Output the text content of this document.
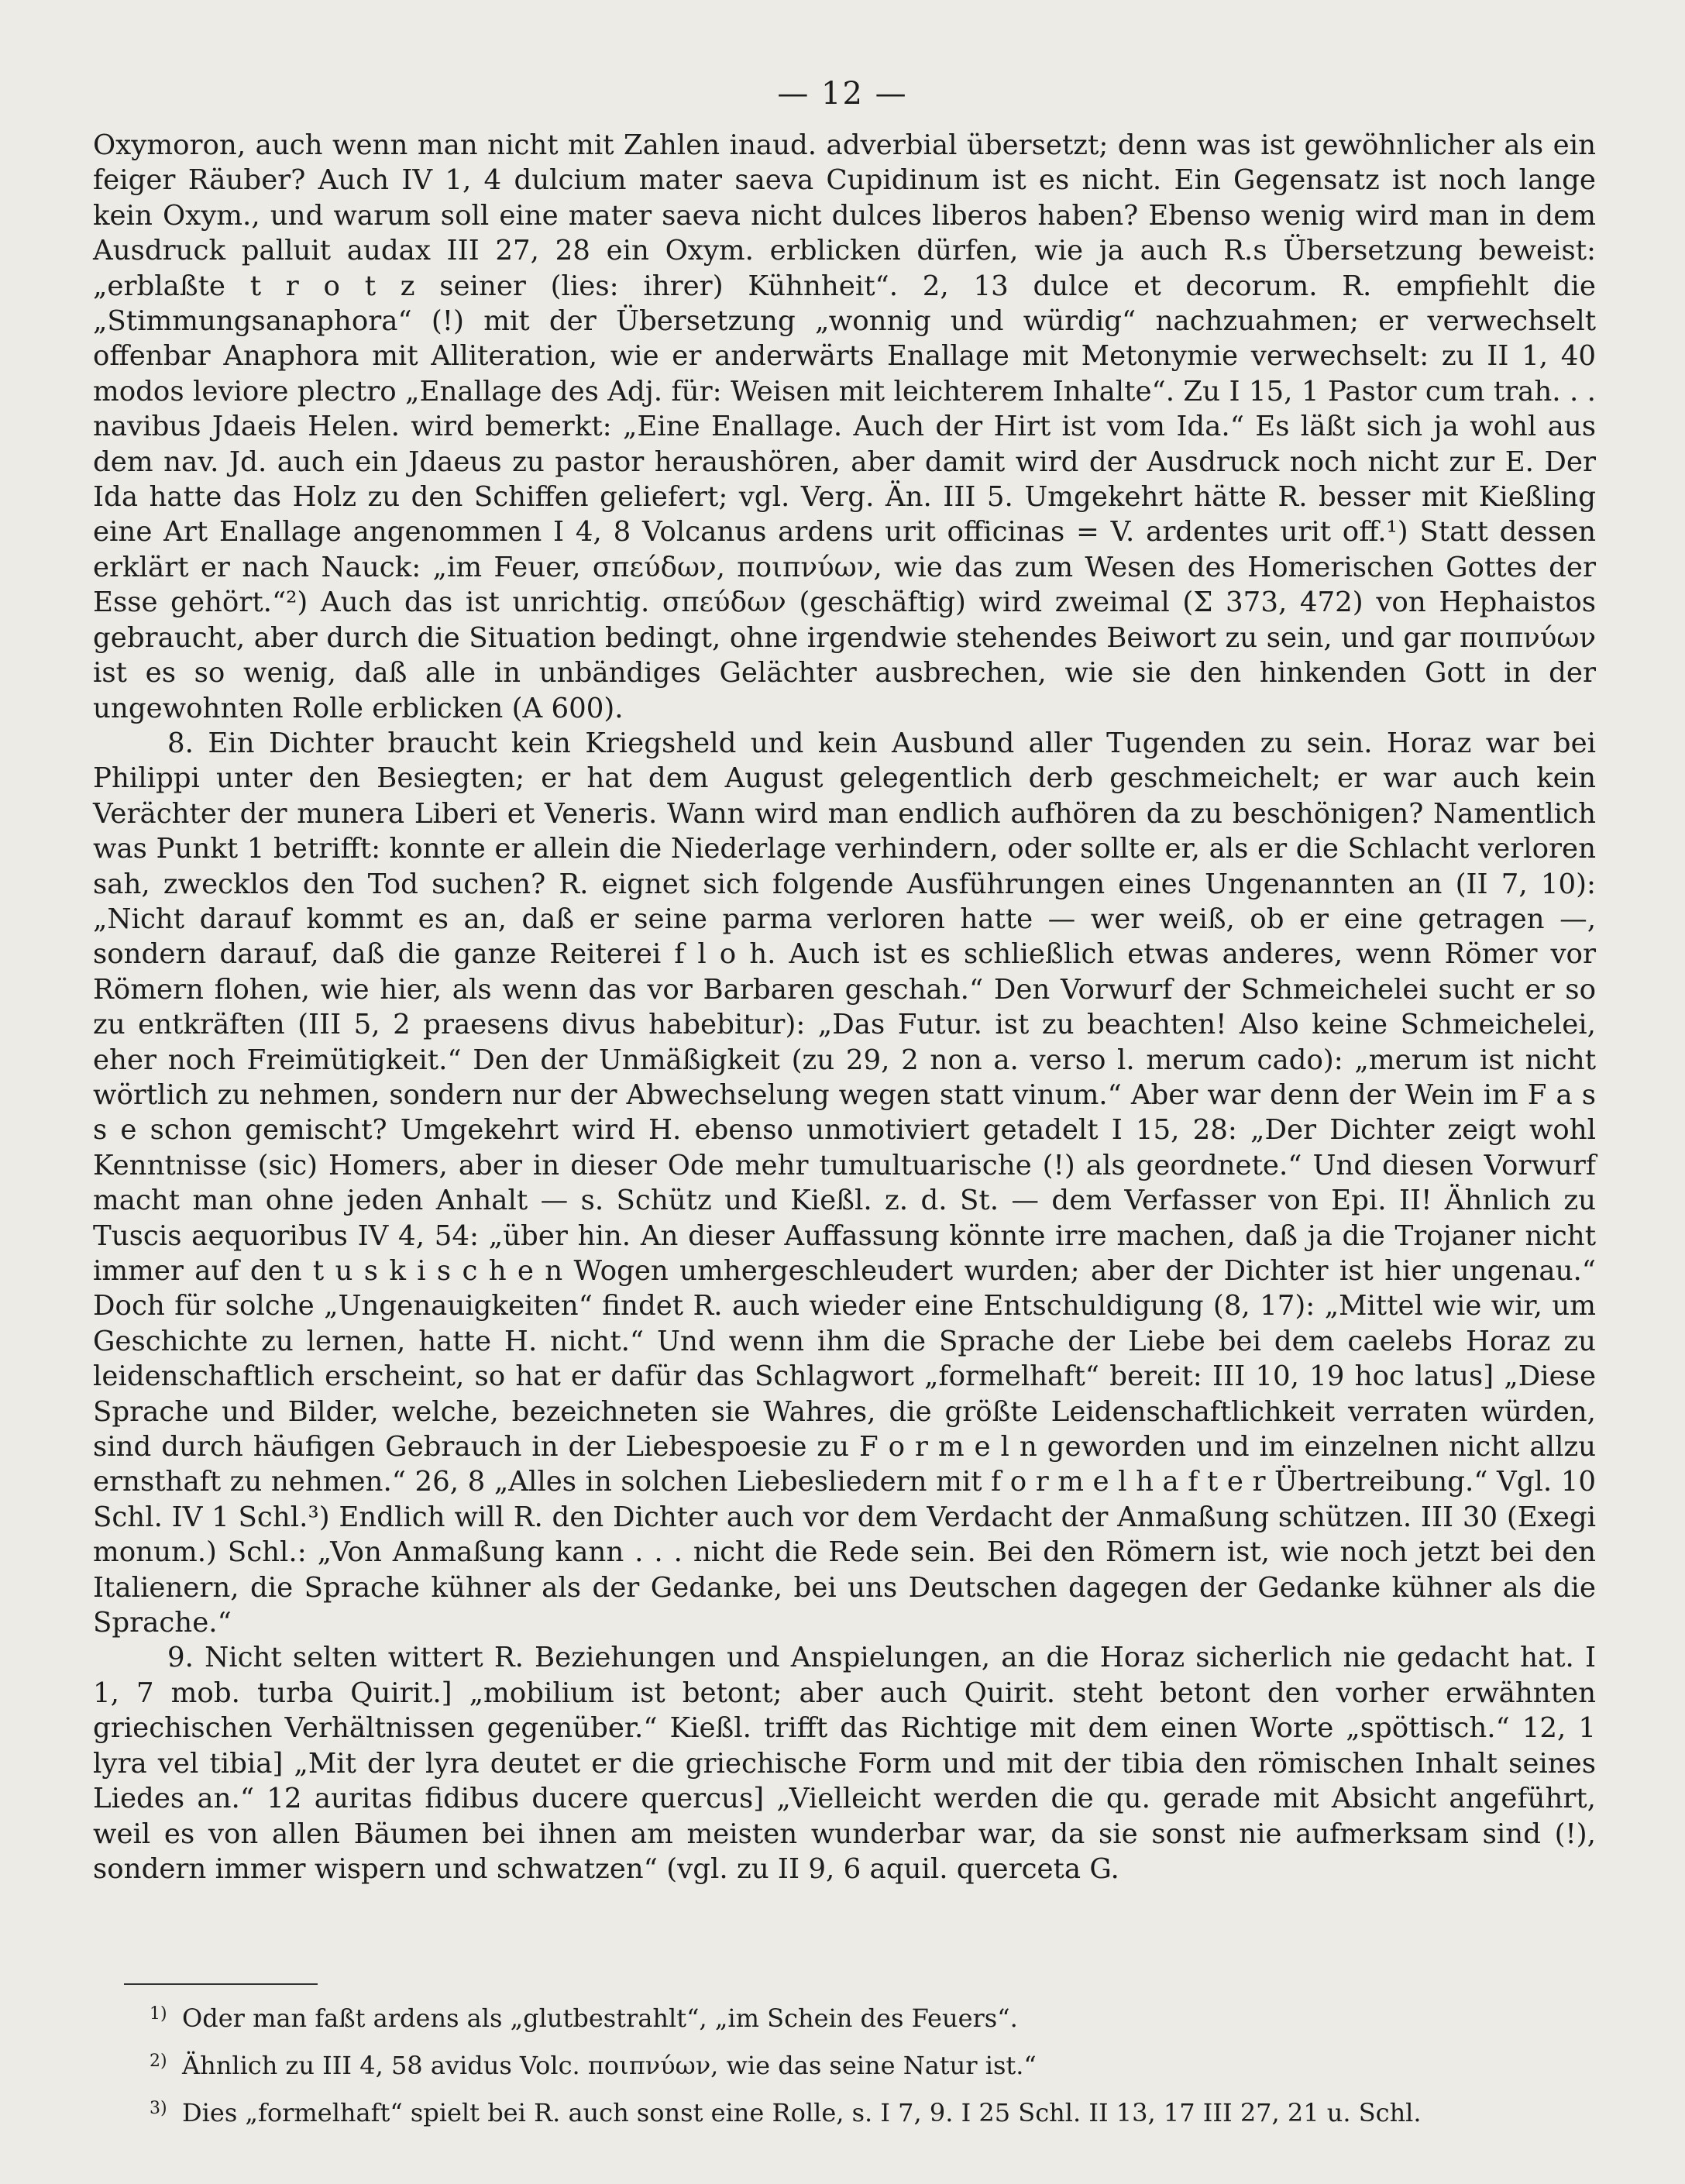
— 12 —

Oxymoron, auch wenn man nicht mit Zahlen inaud. adverbial übersetzt; denn was ist gewöhnlicher als ein feiger Räuber? Auch IV 1, 4 dulcium mater saeva Cupidinum ist es nicht. Ein Gegensatz ist noch lange kein Oxym., und warum soll eine mater saeva nicht dulces liberos haben? Ebenso wenig wird man in dem Ausdruck palluit audax III 27, 28 ein Oxym. erblicken dürfen, wie ja auch R.s Übersetzung beweist: „erblaßte t r o t z seiner (lies: ihrer) Kühnheit“. 2, 13 dulce et decorum. R. empfiehlt die „Stimmungsanaphora“ (!) mit der Übersetzung „wonnig und würdig“ nachzuahmen; er verwechselt offenbar Anaphora mit Alliteration, wie er anderwärts Enallage mit Metonymie verwechselt: zu II 1, 40 modos leviore plectro „Enallage des Adj. für: Weisen mit leichterem Inhalte“. Zu I 15, 1 Pastor cum trah. . . navibus Jdaeis Helen. wird bemerkt: „Eine Enallage. Auch der Hirt ist vom Ida.“ Es läßt sich ja wohl aus dem nav. Jd. auch ein Jdaeus zu pastor heraushören, aber damit wird der Ausdruck noch nicht zur E. Der Ida hatte das Holz zu den Schiffen geliefert; vgl. Verg. Än. III 5. Umgekehrt hätte R. besser mit Kießling eine Art Enallage angenommen I 4, 8 Volcanus ardens urit officinas = V. ardentes urit off.¹) Statt dessen erklärt er nach Nauck: „im Feuer, σπεύδων, ποιπνύων, wie das zum Wesen des Homerischen Gottes der Esse gehört.“²) Auch das ist unrichtig. σπεύδων (geschäftig) wird zweimal (Σ 373, 472) von Hephaistos gebraucht, aber durch die Situation bedingt, ohne irgendwie stehendes Beiwort zu sein, und gar ποιπνύων ist es so wenig, daß alle in unbändiges Gelächter ausbrechen, wie sie den hinkenden Gott in der ungewohnten Rolle erblicken (A 600).

8. Ein Dichter braucht kein Kriegsheld und kein Ausbund aller Tugenden zu sein. Horaz war bei Philippi unter den Besiegten; er hat dem August gelegentlich derb geschmeichelt; er war auch kein Verächter der munera Liberi et Veneris. Wann wird man endlich aufhören da zu beschönigen? Namentlich was Punkt 1 betrifft: konnte er allein die Niederlage verhindern, oder sollte er, als er die Schlacht verloren sah, zwecklos den Tod suchen? R. eignet sich folgende Ausführungen eines Ungenannten an (II 7, 10): „Nicht darauf kommt es an, daß er seine parma verloren hatte — wer weiß, ob er eine getragen —, sondern darauf, daß die ganze Reiterei f l o h. Auch ist es schließlich etwas anderes, wenn Römer vor Römern flohen, wie hier, als wenn das vor Barbaren geschah.“ Den Vorwurf der Schmeichelei sucht er so zu entkräften (III 5, 2 praesens divus habebitur): „Das Futur. ist zu beachten! Also keine Schmeichelei, eher noch Freimütigkeit.“ Den der Unmäßigkeit (zu 29, 2 non a. verso l. merum cado): „merum ist nicht wörtlich zu nehmen, sondern nur der Abwechselung wegen statt vinum.“ Aber war denn der Wein im F a s s e schon gemischt? Umgekehrt wird H. ebenso unmotiviert getadelt I 15, 28: „Der Dichter zeigt wohl Kenntnisse (sic) Homers, aber in dieser Ode mehr tumultuarische (!) als geordnete.“ Und diesen Vorwurf macht man ohne jeden Anhalt — s. Schütz und Kießl. z. d. St. — dem Verfasser von Epi. II! Ähnlich zu Tuscis aequoribus IV 4, 54: „über hin. An dieser Auffassung könnte irre machen, daß ja die Trojaner nicht immer auf den t u s k i s c h e n Wogen umhergeschleudert wurden; aber der Dichter ist hier ungenau.“ Doch für solche „Ungenauigkeiten“ findet R. auch wieder eine Entschuldigung (8, 17): „Mittel wie wir, um Geschichte zu lernen, hatte H. nicht.“ Und wenn ihm die Sprache der Liebe bei dem caelebs Horaz zu leidenschaftlich erscheint, so hat er dafür das Schlagwort „formelhaft“ bereit: III 10, 19 hoc latus] „Diese Sprache und Bilder, welche, bezeichneten sie Wahres, die größte Leidenschaftlichkeit verraten würden, sind durch häufigen Gebrauch in der Liebespoesie zu F o r m e l n geworden und im einzelnen nicht allzu ernsthaft zu nehmen.“ 26, 8 „Alles in solchen Liebesliedern mit f o r m e l h a f t e r Übertreibung.“ Vgl. 10 Schl. IV 1 Schl.³) Endlich will R. den Dichter auch vor dem Verdacht der Anmaßung schützen. III 30 (Exegi monum.) Schl.: „Von Anmaßung kann . . . nicht die Rede sein. Bei den Römern ist, wie noch jetzt bei den Italienern, die Sprache kühner als der Gedanke, bei uns Deutschen dagegen der Gedanke kühner als die Sprache.“

9. Nicht selten wittert R. Beziehungen und Anspielungen, an die Horaz sicherlich nie gedacht hat. I 1, 7 mob. turba Quirit.] „mobilium ist betont; aber auch Quirit. steht betont den vorher erwähnten griechischen Verhältnissen gegenüber.“ Kießl. trifft das Richtige mit dem einen Worte „spöttisch.“ 12, 1 lyra vel tibia] „Mit der lyra deutet er die griechische Form und mit der tibia den römischen Inhalt seines Liedes an.“ 12 auritas fidibus ducere quercus] „Vielleicht werden die qu. gerade mit Absicht angeführt, weil es von allen Bäumen bei ihnen am meisten wunderbar war, da sie sonst nie aufmerksam sind (!), sondern immer wispern und schwatzen“ (vgl. zu II 9, 6 aquil. querceta G.

1) Oder man faßt ardens als „glutbestrahlt“, „im Schein des Feuers“.

2) Ähnlich zu III 4, 58 avidus Volc. ποιπνύων, wie das seine Natur ist.“

3) Dies „formelhaft“ spielt bei R. auch sonst eine Rolle, s. I 7, 9. I 25 Schl. II 13, 17 III 27, 21 u. Schl.
